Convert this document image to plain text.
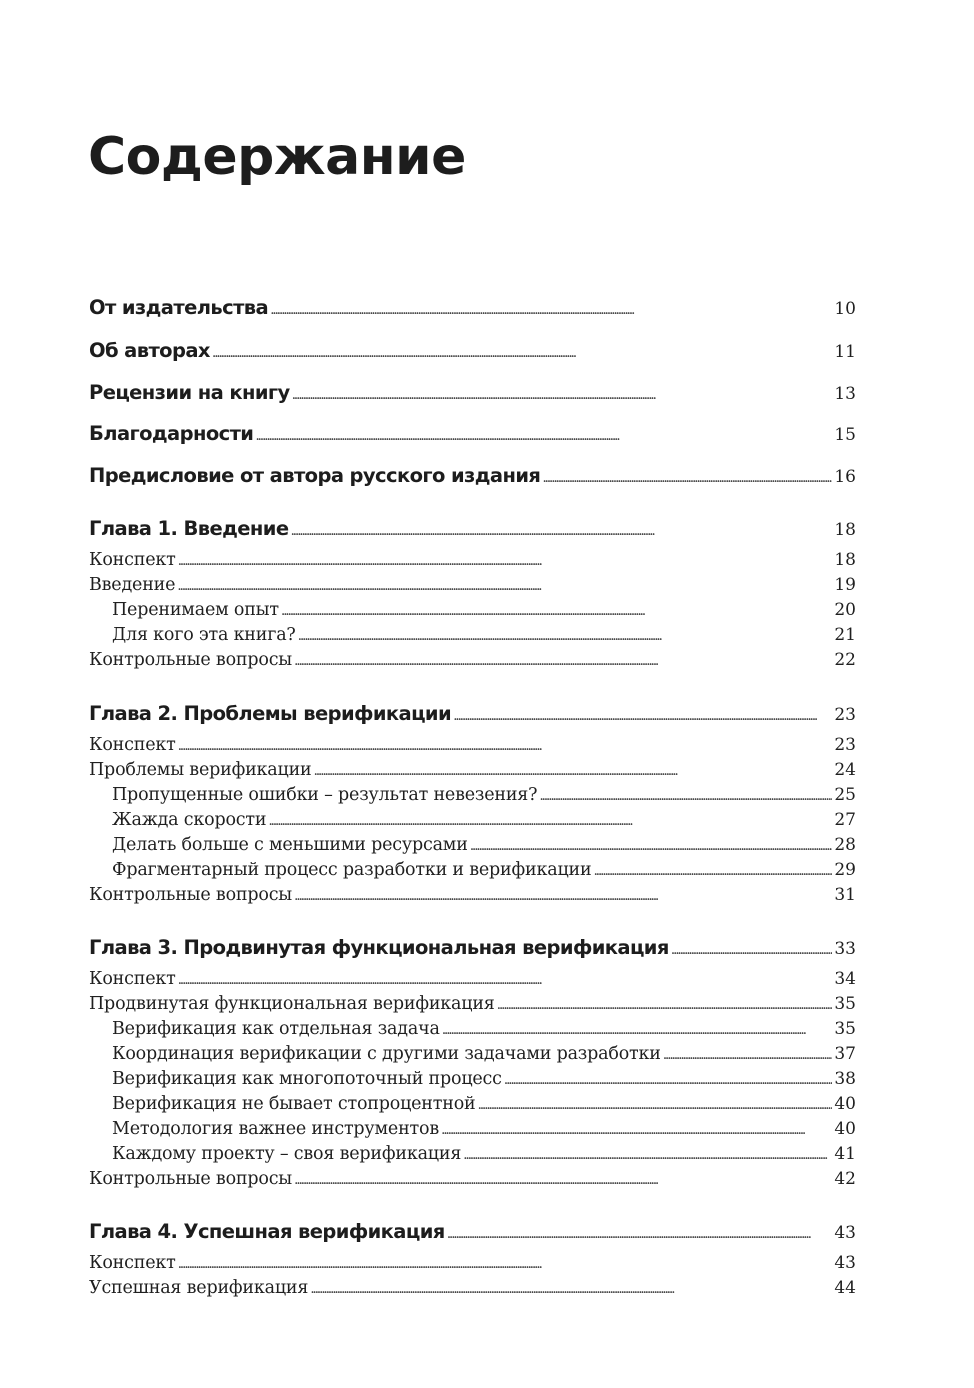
Содержание
От издательства . . .	10
Об авторах . . .	11
Рецензии на книгу . . .	13
Благодарности . . .	15
Предисловие от автора русского издания . . .	16
Глава 1. Введение . . .	18
Конспект . . .	18
Введение . . .	19
Перенимаем опыт . . .	20
Для кого эта книга? . . .	21
Контрольные вопросы . . .	22
Глава 2. Проблемы верификации . . .	23
Конспект . . .	23
Проблемы верификации . . .	24
Пропущенные ошибки – результат невезения? . . .	25
Жажда скорости . . .	27
Делать больше с меньшими ресурсами . . .	28
Фрагментарный процесс разработки и верификации . . .	29
Контрольные вопросы . . .	31
Глава 3. Продвинутая функциональная верификация . . .	33
Конспект . . .	34
Продвинутая функциональная верификация . . .	35
Верификация как отдельная задача . . .	35
Координация верификации с другими задачами разработки . . .	37
Верификация как многопоточный процесс . . .	38
Верификация не бывает стопроцентной . . .	40
Методология важнее инструментов . . .	40
Каждому проекту – своя верификация . . .	41
Контрольные вопросы . . .	42
Глава 4. Успешная верификация . . .	43
Конспект . . .	43
Успешная верификация . . .	44
